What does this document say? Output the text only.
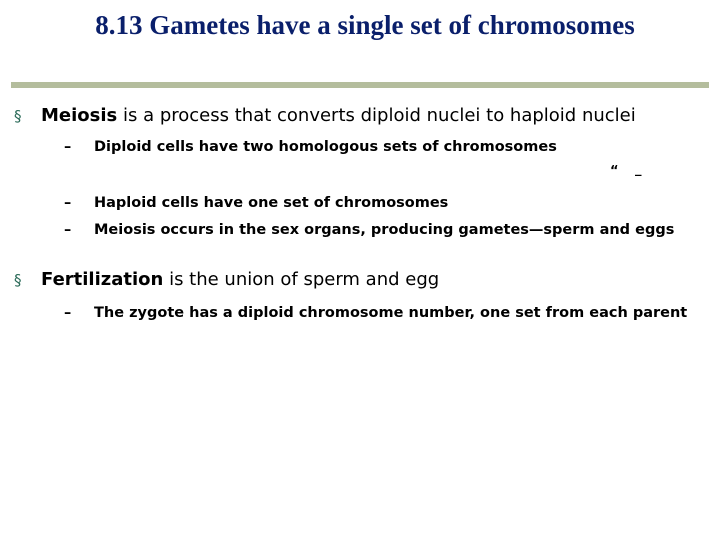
8.13 Gametes have a single set of chromosomes
§ Meiosis is a process that converts diploid nuclei to haploid nuclei
– Diploid cells have two homologous sets of chromosomes
“ _
– Haploid cells have one set of chromosomes
– Meiosis occurs in the sex organs, producing gametes—sperm and eggs
§ Fertilization is the union of sperm and egg
– The zygote has a diploid chromosome number, one set from each parent
